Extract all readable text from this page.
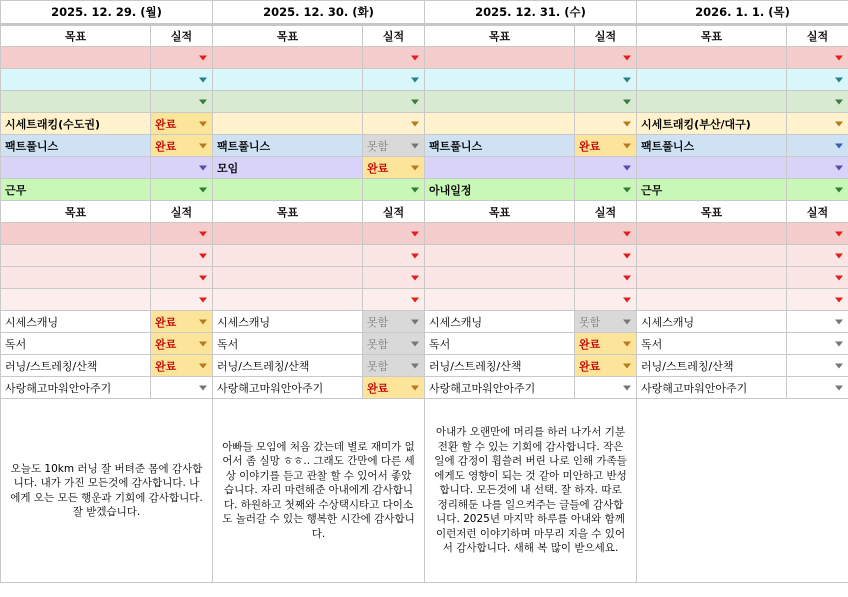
2025. 12. 29. (월)		2025. 12. 30. (화)		2025. 12. 31. (수)		2026. 1. 1. (목)	
목표	실적	목표	실적	목표	실적	목표	실적

시세트래킹(수도권)	완료					시세트래킹(부산/대구)	

팩트풀니스	완료	팩트풀니스	못함	팩트풀니스	완료	팩트풀니스	

	모임	완료

근무				아내일정		근무	

목표	실적	목표	실적	목표	실적	목표	실적

시세스캐닝	완료	시세스캐닝	못함	시세스캐닝	못함	시세스캐닝	

독서	완료	독서	못함	독서	완료	독서	

러닝/스트레칭/산책	완료	러닝/스트레칭/산책	못함	러닝/스트레칭/산책	완료	러닝/스트레칭/산책	

사랑해고마워안아주기		사랑해고마워안아주기	완료	사랑해고마워안아주기		사랑해고마워안아주기	

오늘도 10km 러닝 잘 버텨준 몸에 감사합니다. 내가 가진 모든것에 감사합니다. 나에게 오는 모든 행운과 기회에 감사합니다. 잘 받겠습니다.		아빠들 모임에 처음 갔는데 별로 재미가 없어서 좀 실망 ㅎㅎ.. 그래도 간만에 다른 세상 이야기를 듣고 관찰 할 수 있어서 좋았습니다. 자리 마련해준 아내에게 감사합니다. 하원하고 첫째와 수상택시타고 다이소도 놀러갈 수 있는 행복한 시간에 감사합니다.		아내가 오랜만에 머리를 하러 나가서 기분전환 할 수 있는 기회에 감사합니다. 작은일에 감정이 휩쓸려 버린 나로 인해 가족들에게도 영향이 되는 것 같아 미안하고 반성합니다. 모든것에 내 선택. 잘 하자. 따로 정리해둔 나를 일으켜주는 글들에 감사합니다. 2025년 마지막 하루를 아내와 함께 이런저런 이야기하며 마무리 지을 수 있어서 감사합니다. 새해 복 많이 받으세요.			
